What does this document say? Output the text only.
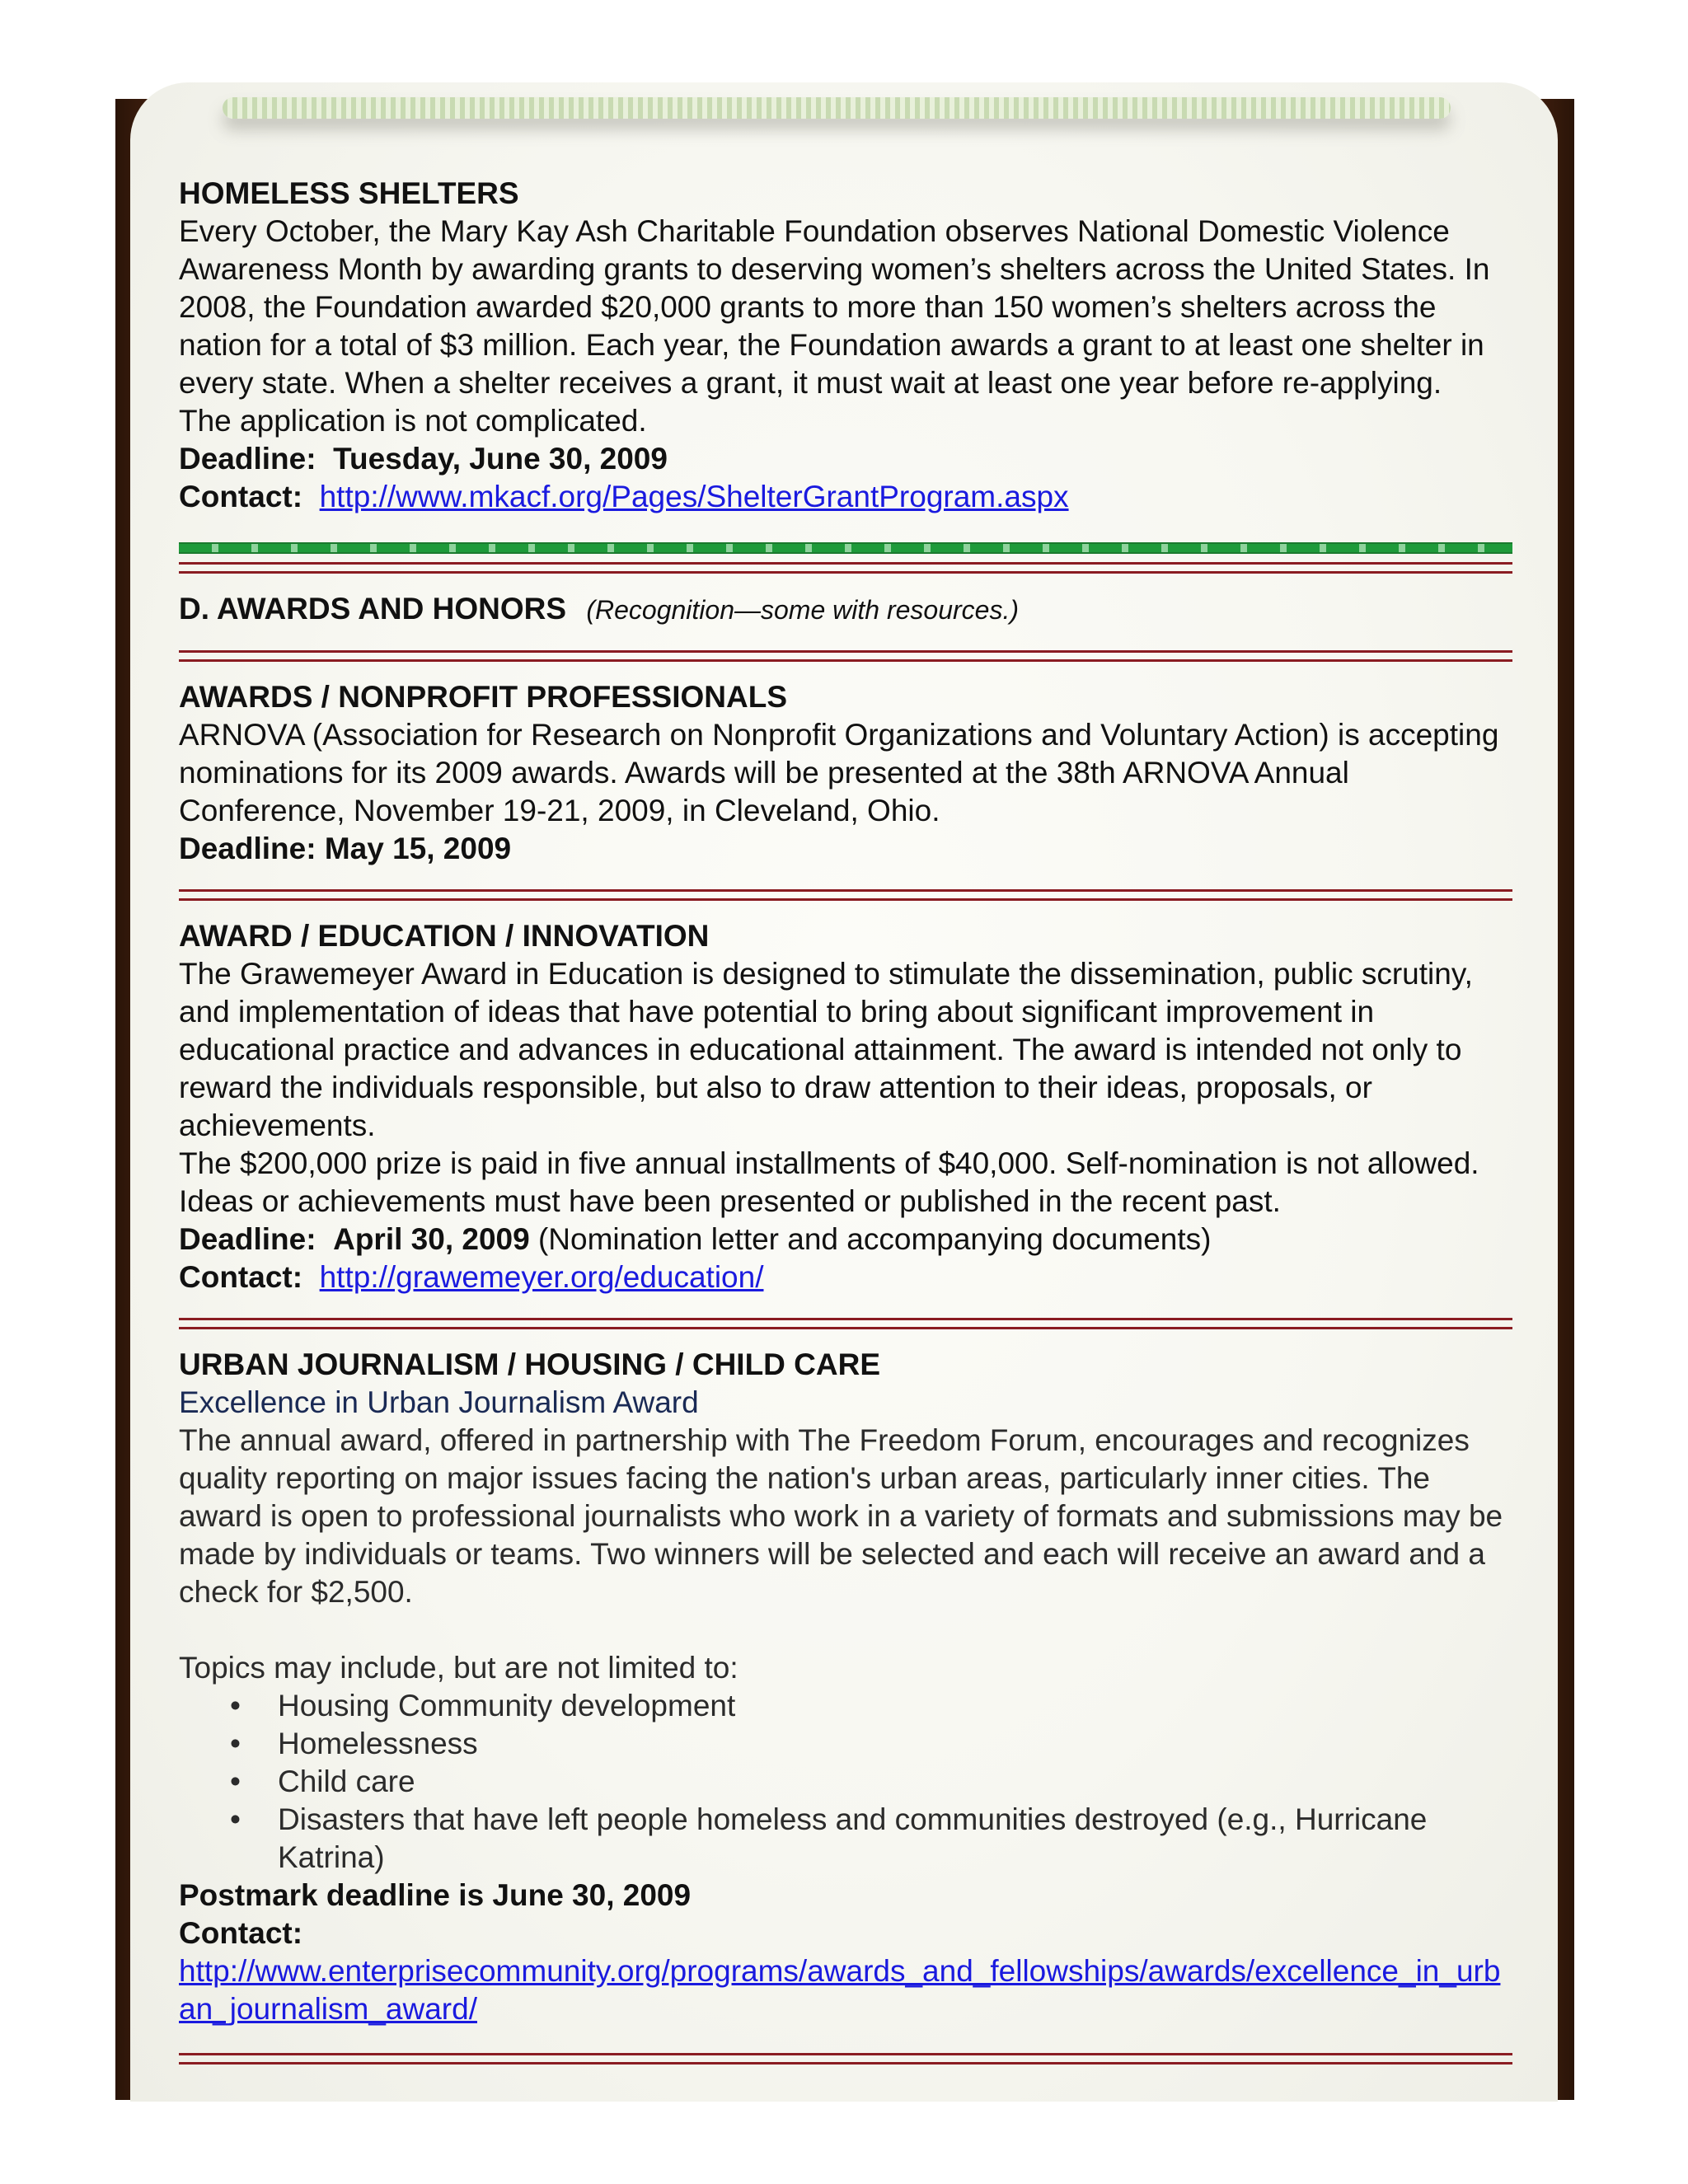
HOMELESS SHELTERS

Every October, the Mary Kay Ash Charitable Foundation observes National Domestic Violence Awareness Month by awarding grants to deserving women’s shelters across the United States. In 2008, the Foundation awarded $20,000 grants to more than 150 women’s shelters across the nation for a total of $3 million. Each year, the Foundation awards a grant to at least one shelter in every state. When a shelter receives a grant, it must wait at least one year before re-applying.

The application is not complicated.

Deadline: Tuesday, June 30, 2009

Contact: http://www.mkacf.org/Pages/ShelterGrantProgram.aspx

D. AWARDS AND HONORS (Recognition—some with resources.)

AWARDS / NONPROFIT PROFESSIONALS

ARNOVA (Association for Research on Nonprofit Organizations and Voluntary Action) is accepting nominations for its 2009 awards. Awards will be presented at the 38th ARNOVA Annual Conference, November 19-21, 2009, in Cleveland, Ohio.

Deadline: May 15, 2009

AWARD / EDUCATION / INNOVATION

The Grawemeyer Award in Education is designed to stimulate the dissemination, public scrutiny, and implementation of ideas that have potential to bring about significant improvement in educational practice and advances in educational attainment. The award is intended not only to reward the individuals responsible, but also to draw attention to their ideas, proposals, or achievements.

The $200,000 prize is paid in five annual installments of $40,000. Self-nomination is not allowed. Ideas or achievements must have been presented or published in the recent past.

Deadline: April 30, 2009 (Nomination letter and accompanying documents)

Contact: http://grawemeyer.org/education/

URBAN JOURNALISM / HOUSING / CHILD CARE

Excellence in Urban Journalism Award

The annual award, offered in partnership with The Freedom Forum, encourages and recognizes quality reporting on major issues facing the nation's urban areas, particularly inner cities. The award is open to professional journalists who work in a variety of formats and submissions may be made by individuals or teams. Two winners will be selected and each will receive an award and a check for $2,500.

Topics may include, but are not limited to:

• Housing Community development
• Homelessness
• Child care
• Disasters that have left people homeless and communities destroyed (e.g., Hurricane Katrina)

Postmark deadline is June 30, 2009

Contact:

http://www.enterprisecommunity.org/programs/awards_and_fellowships/awards/excellence_in_urban_journalism_award/
